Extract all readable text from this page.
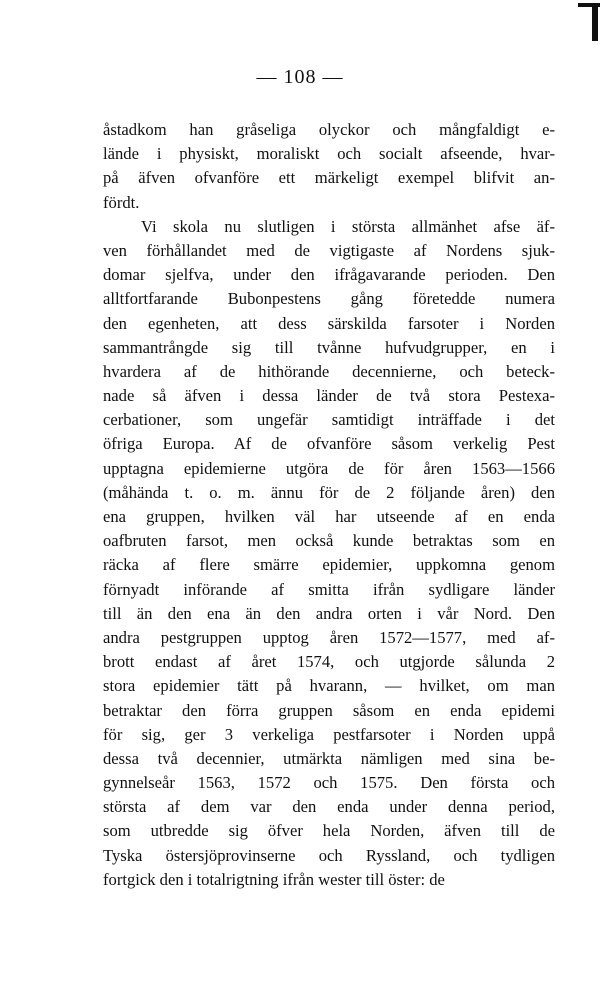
— 108 —
åstadkom han gråseliga olyckor och mångfaldigt e-
lände i physiskt, moraliskt och socialt afseende, hvar-
på äfven ofvanföre ett märkeligt exempel blifvit an-
fördt.
Vi skola nu slutligen i största allmänhet afse äf-
ven förhållandet med de vigtigaste af Nordens sjuk-
domar sjelfva, under den ifrågavarande perioden. Den
alltfortfarande Bubonpestens gång företedde numera
den egenheten, att dess särskilda farsoter i Norden
sammantrångde sig till tvånne hufvudgrupper, en i
hvardera af de hithörande decennierne, och beteck-
nade så äfven i dessa länder de två stora Pestexa-
cerbationer, som ungefär samtidigt inträffade i det
öfriga Europa. Af de ofvanföre såsom verkelig Pest
upptagna epidemierne utgöra de för åren 1563—1566
(måhända t. o. m. ännu för de 2 följande åren) den
ena gruppen, hvilken väl har utseende af en enda
oafbruten farsot, men också kunde betraktas som en
räcka af flere smärre epidemier, uppkomna genom
förnyadt införande af smitta ifrån sydligare länder
till än den ena än den andra orten i vår Nord. Den
andra pestgruppen upptog åren 1572—1577, med af-
brott endast af året 1574, och utgjorde sålunda 2
stora epidemier tätt på hvarann, — hvilket, om man
betraktar den förra gruppen såsom en enda epidemi
för sig, ger 3 verkeliga pestfarsoter i Norden uppå
dessa två decennier, utmärkta nämligen med sina be-
gynnelseår 1563, 1572 och 1575. Den första och
största af dem var den enda under denna period,
som utbredde sig öfver hela Norden, äfven till de
Tyska östersjöprovinserne och Ryssland, och tydligen
fortgick den i totalrigtning ifrån wester till öster: de
